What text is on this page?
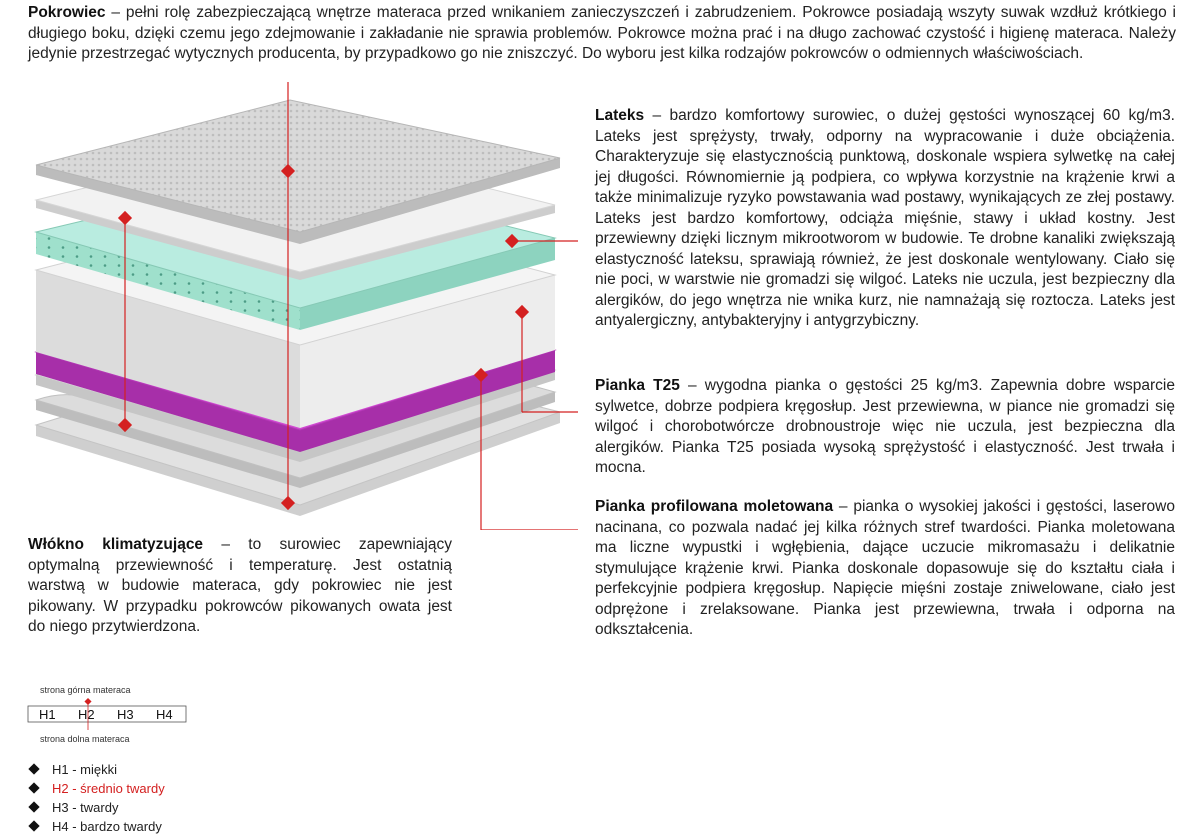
Pokrowiec – pełni rolę zabezpieczającą wnętrze materaca przed wnikaniem zanieczyszczeń i zabrudzeniem. Pokrowce posiadają wszyty suwak wzdłuż krótkiego i długiego boku, dzięki czemu jego zdejmowanie i zakładanie nie sprawia problemów. Pokrowce można prać i na długo zachować czystość i higienę materaca. Należy jedynie przestrzegać wytycznych producenta, by przypadkowo go nie zniszczyć. Do wyboru jest kilka rodzajów pokrowców o odmiennych właściwościach.
Lateks – bardzo komfortowy surowiec, o dużej gęstości wynoszącej 60 kg/m3. Lateks jest sprężysty, trwały, odporny na wypracowanie i duże obciążenia. Charakteryzuje się elastycznością punktową, doskonale wspiera sylwetkę na całej jej długości. Równomiernie ją podpiera, co wpływa korzystnie na krążenie krwi a także minimalizuje ryzyko powstawania wad postawy, wynikających ze złej postawy. Lateks jest bardzo komfortowy, odciąża mięśnie, stawy i układ kostny. Jest przewiewny dzięki licznym mikrootworom w budowie. Te drobne kanaliki zwiększają elastyczność lateksu, sprawiają również, że jest doskonale wentylowany. Ciało się nie poci, w warstwie nie gromadzi się wilgoć. Lateks nie uczula, jest bezpieczny dla alergików, do jego wnętrza nie wnika kurz, nie namnażają się roztocza. Lateks jest antyalergiczny, antybakteryjny i antygrzybiczny.
Pianka T25 – wygodna pianka o gęstości 25 kg/m3. Zapewnia dobre wsparcie sylwetce, dobrze podpiera kręgosłup. Jest przewiewna, w piance nie gromadzi się wilgoć i chorobotwórcze drobnoustroje więc nie uczula, jest bezpieczna dla alergików. Pianka T25 posiada wysoką sprężystość i elastyczność. Jest trwała i mocna.
Pianka profilowana moletowana – pianka o wysokiej jakości i gęstości, laserowo nacinana, co pozwala nadać jej kilka różnych stref twardości. Pianka moletowana ma liczne wypustki i wgłębienia, dające uczucie mikromasażu i delikatnie stymulujące krążenie krwi. Pianka doskonale dopasowuje się do kształtu ciała i perfekcyjnie podpiera kręgosłup. Napięcie mięśni zostaje zniwelowane, ciało jest odprężone i zrelaksowane. Pianka jest przewiewna, trwała i odporna na odkształcenia.
Włókno klimatyzujące – to surowiec zapewniający optymalną przewiewność i temperaturę. Jest ostatnią warstwą w budowie materaca, gdy pokrowiec nie jest pikowany. W przypadku pokrowców pikowanych owata jest do niego przytwierdzona.
strona górna materaca
H1 H2 H3 H4
strona dolna materaca
H1 - miękki
H2 - średnio twardy
H3 - twardy
H4 - bardzo twardy
